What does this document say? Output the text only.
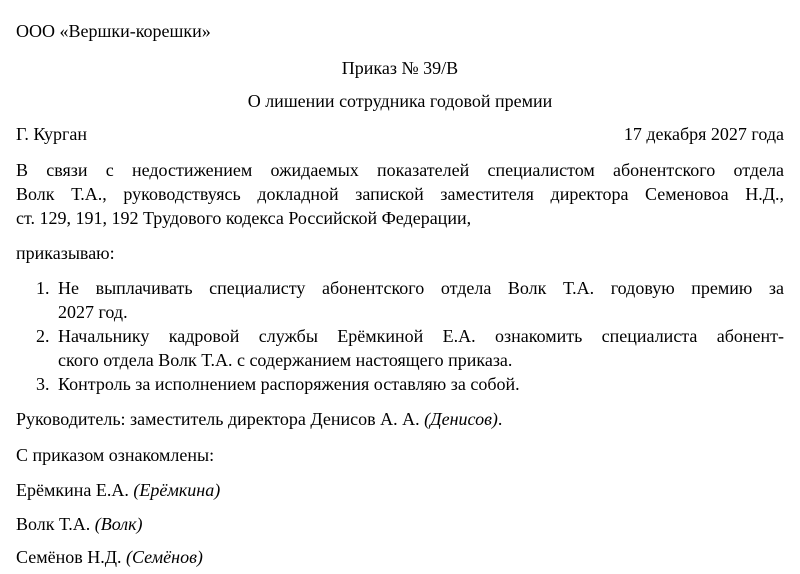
ООО «Вершки-корешки»
Приказ № 39/В
О лишении сотрудника годовой премии
Г. Курган	17 декабря 2027 года
В связи с недостижением ожидаемых показателей специалистом абонентского отдела
Волк Т.А., руководствуясь докладной запиской заместителя директора Семеновоа Н.Д.,
ст. 129, 191, 192 Трудового кодекса Российской Федерации,
приказываю:
1. Не выплачивать специалисту абонентского отдела Волк Т.А. годовую премию за
2027 год.
2. Начальнику кадровой службы Ерёмкиной Е.А. ознакомить специалиста абонент-
ского отдела Волк Т.А. с содержанием настоящего приказа.
3. Контроль за исполнением распоряжения оставляю за собой.
Руководитель: заместитель директора Денисов А. А. (Денисов).
С приказом ознакомлены:
Ерёмкина Е.А. (Ерёмкина)
Волк Т.А. (Волк)
Семёнов Н.Д. (Семёнов)
